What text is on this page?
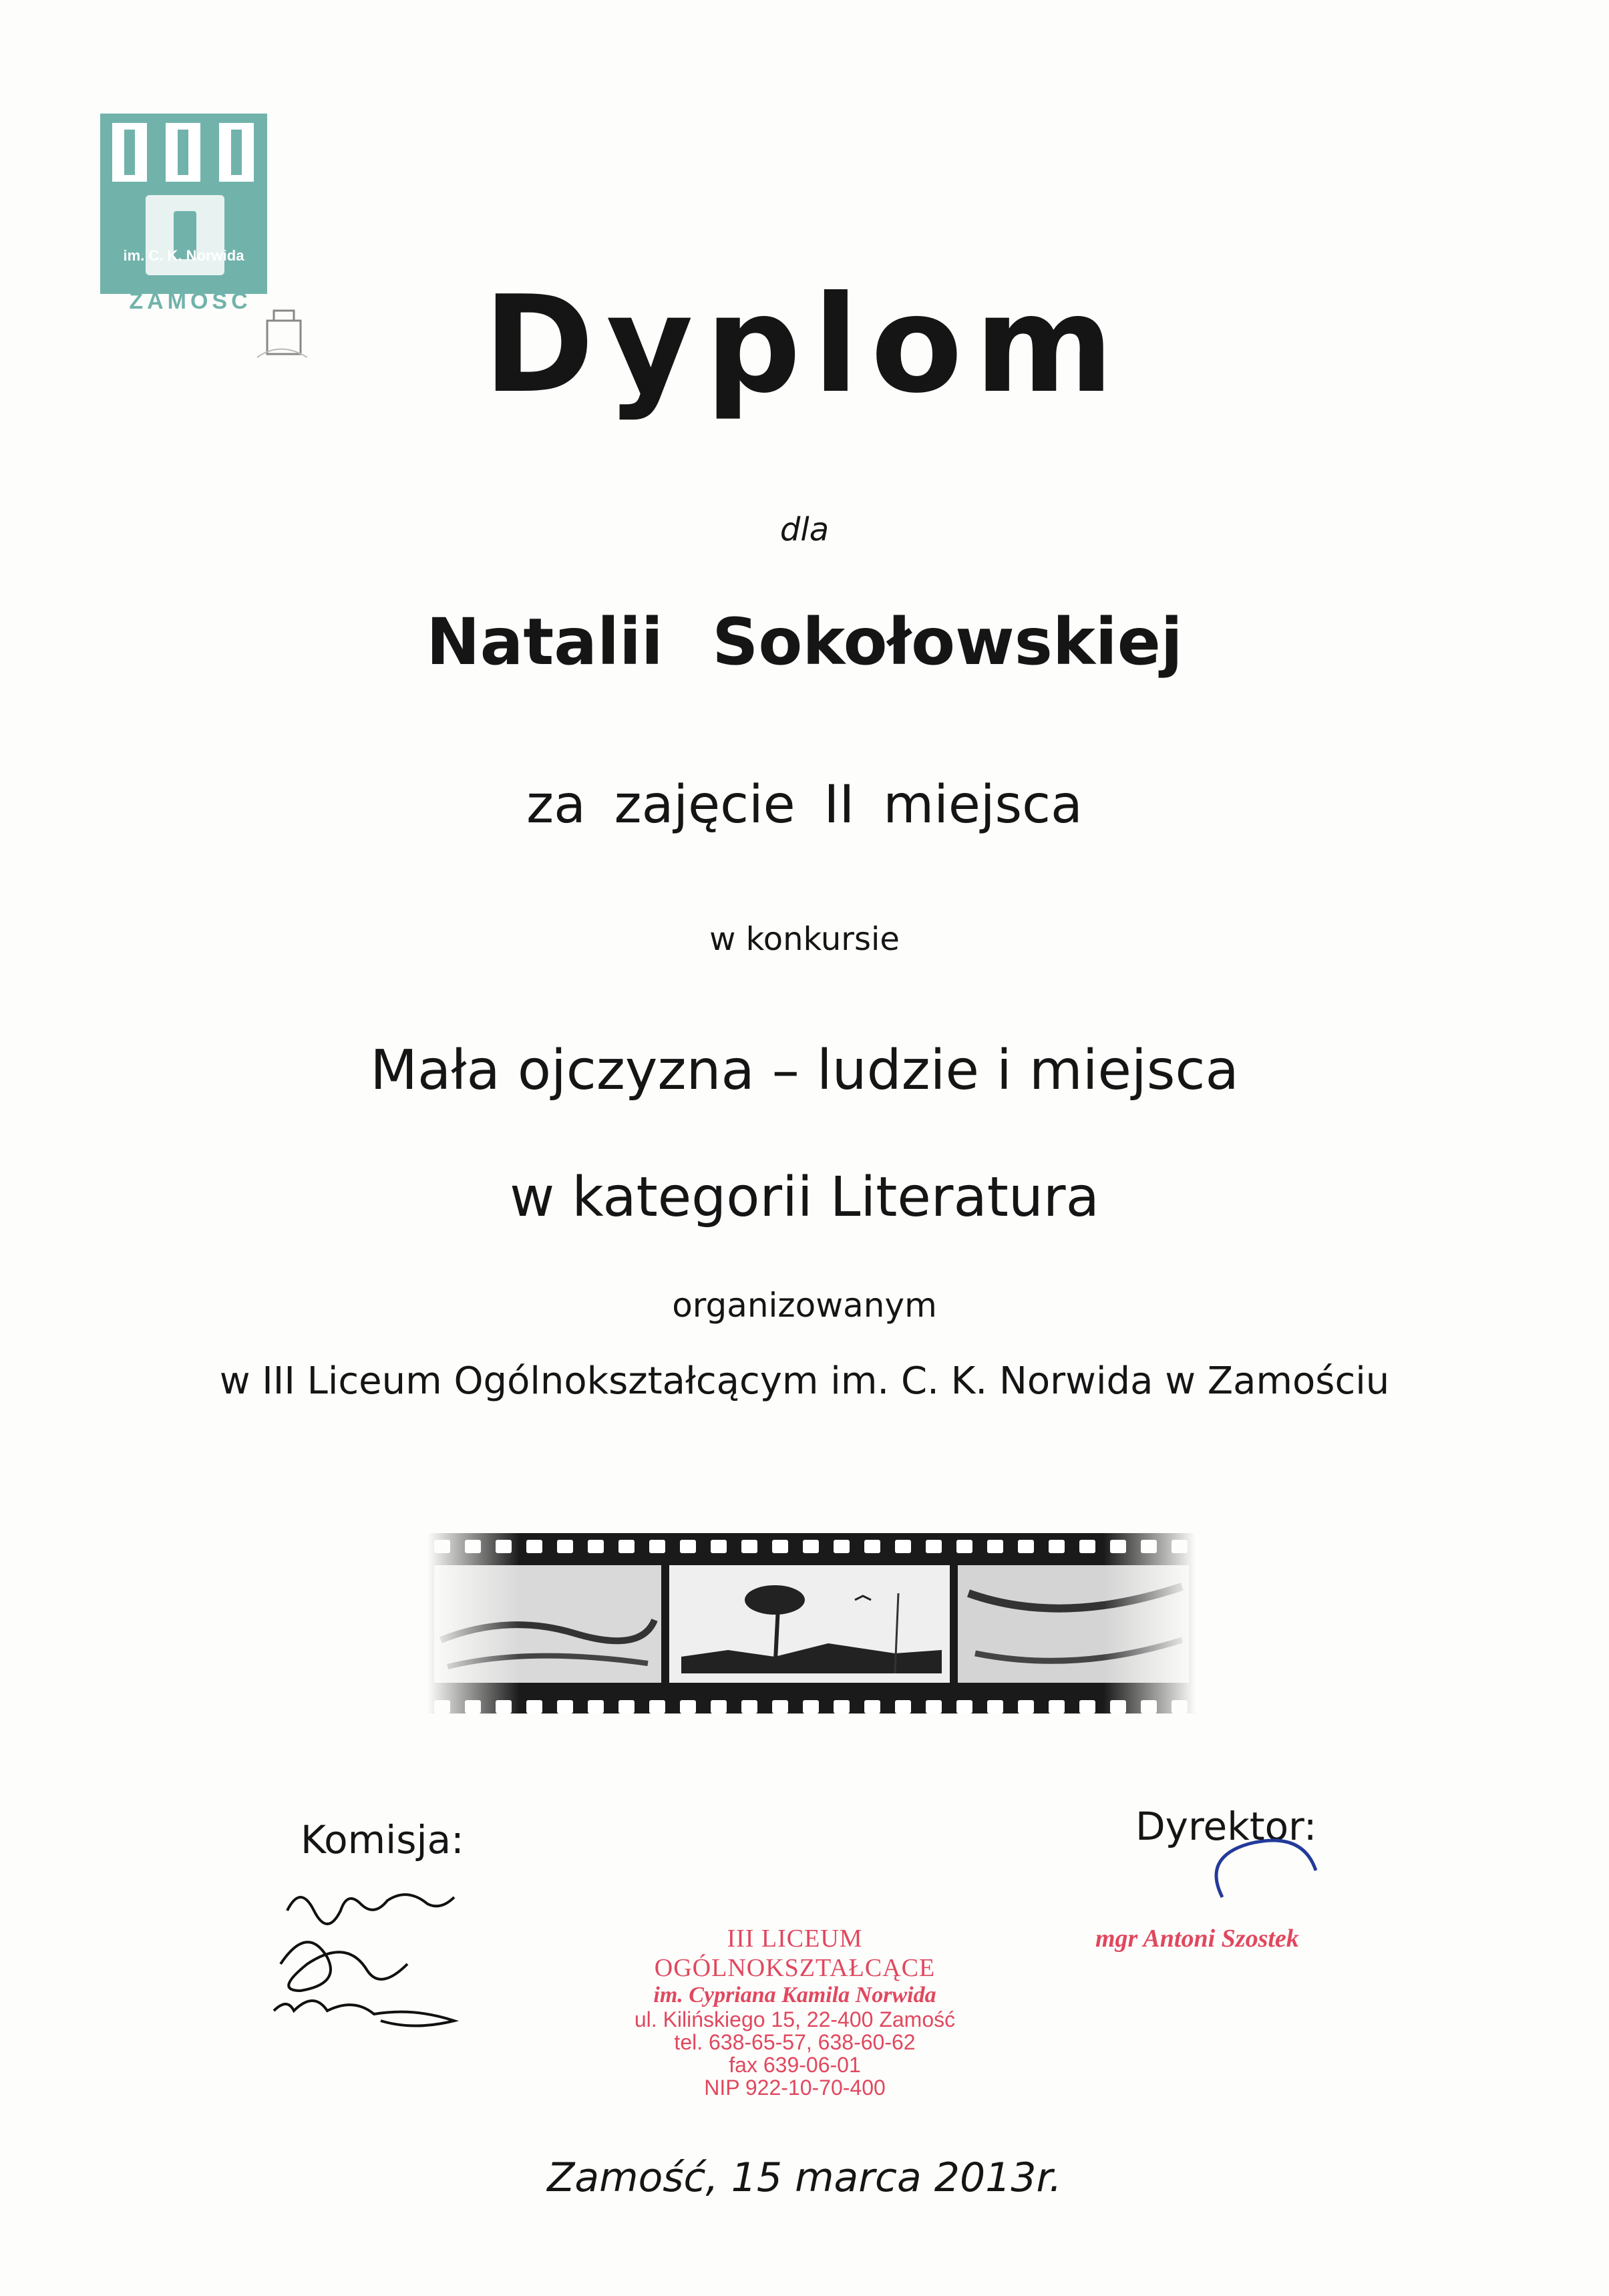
im. C. K. Norwida
ZAMOŚĆ	Dyplom
dla
Natalii Sokołowskiej
za zajęcie II miejsca
w konkursie
Mała ojczyzna – ludzie i miejsca
w kategorii Literatura
organizowanym
w III Liceum Ogólnokształcącym im. C. K. Norwida w Zamościu
Komisja:	Dyrektor:
mgr Antoni Szostek
III LICEUM OGÓLNOKSZTAŁCĄCE
im. Cypriana Kamila Norwida
ul. Kilińskiego 15, 22-400 Zamość
tel. 638-65-57, 638-60-62
fax 639-06-01
NIP 922-10-70-400
Zamość, 15 marca 2013r.
